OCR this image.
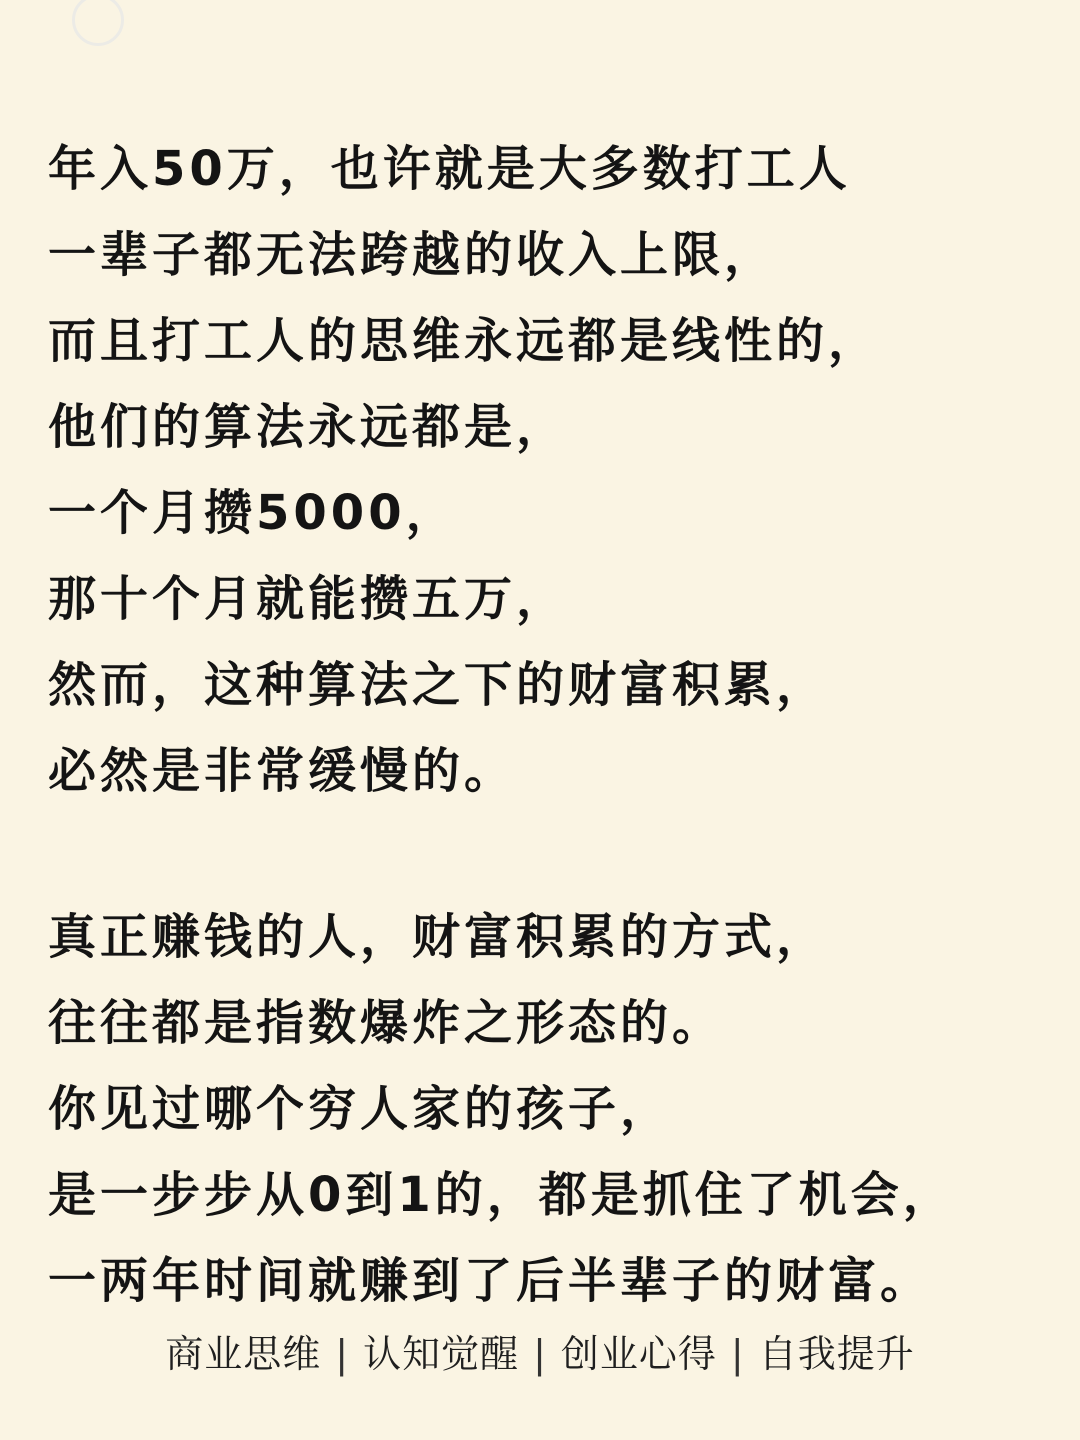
年入50万，也许就是大多数打工人
一辈子都无法跨越的收入上限，
而且打工人的思维永远都是线性的，
他们的算法永远都是，
一个月攒5000，
那十个月就能攒五万，
然而，这种算法之下的财富积累，
必然是非常缓慢的。
真正赚钱的人，财富积累的方式，
往往都是指数爆炸之形态的。
你见过哪个穷人家的孩子，
是一步步从0到1的，都是抓住了机会，
一两年时间就赚到了后半辈子的财富。
商业思维 | 认知觉醒 | 创业心得 | 自我提升
